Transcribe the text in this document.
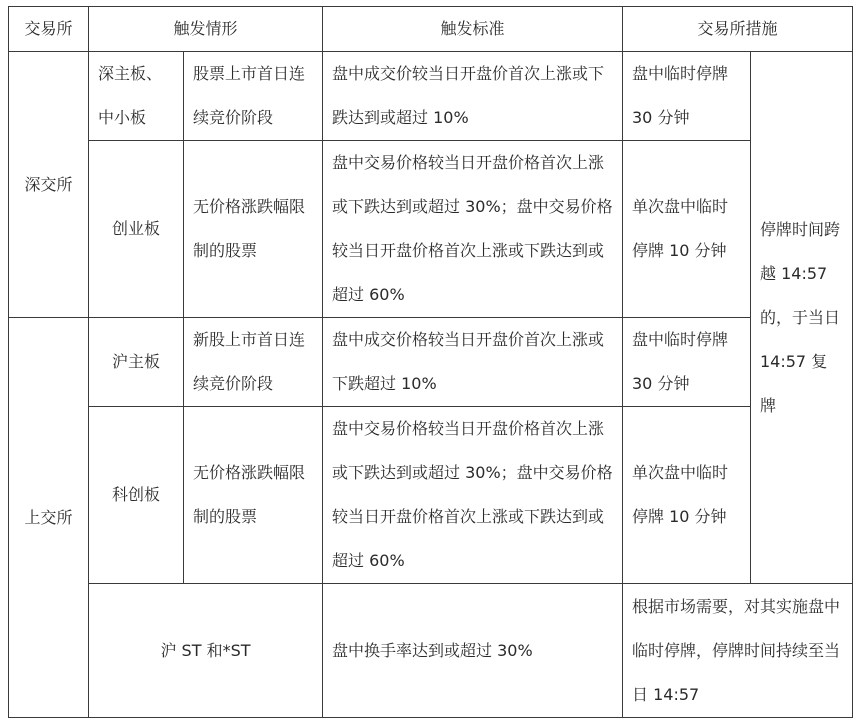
交易所	触发情形		触发标准	交易所措施	
深交所	深主板、中小板	股票上市首日连续竞价阶段	盘中成交价较当日开盘价首次上涨或下跌达到或超过 10%	盘中临时停牌 30 分钟	停牌时间跨越 14:57 的，于当日 14:57 复牌
	创业板	无价格涨跌幅限制的股票	盘中交易价格较当日开盘价格首次上涨或下跌达到或超过 30%；盘中交易价格较当日开盘价格首次上涨或下跌达到或超过 60%	单次盘中临时停牌 10 分钟	
上交所	沪主板	新股上市首日连续竞价阶段	盘中成交价格较当日开盘价首次上涨或下跌超过 10%	盘中临时停牌 30 分钟	
	科创板	无价格涨跌幅限制的股票	盘中交易价格较当日开盘价格首次上涨或下跌达到或超过 30%；盘中交易价格较当日开盘价格首次上涨或下跌达到或超过 60%	单次盘中临时停牌 10 分钟	
	沪 ST 和*ST		盘中换手率达到或超过 30%	根据市场需要，对其实施盘中临时停牌，停牌时间持续至当日 14:57	
